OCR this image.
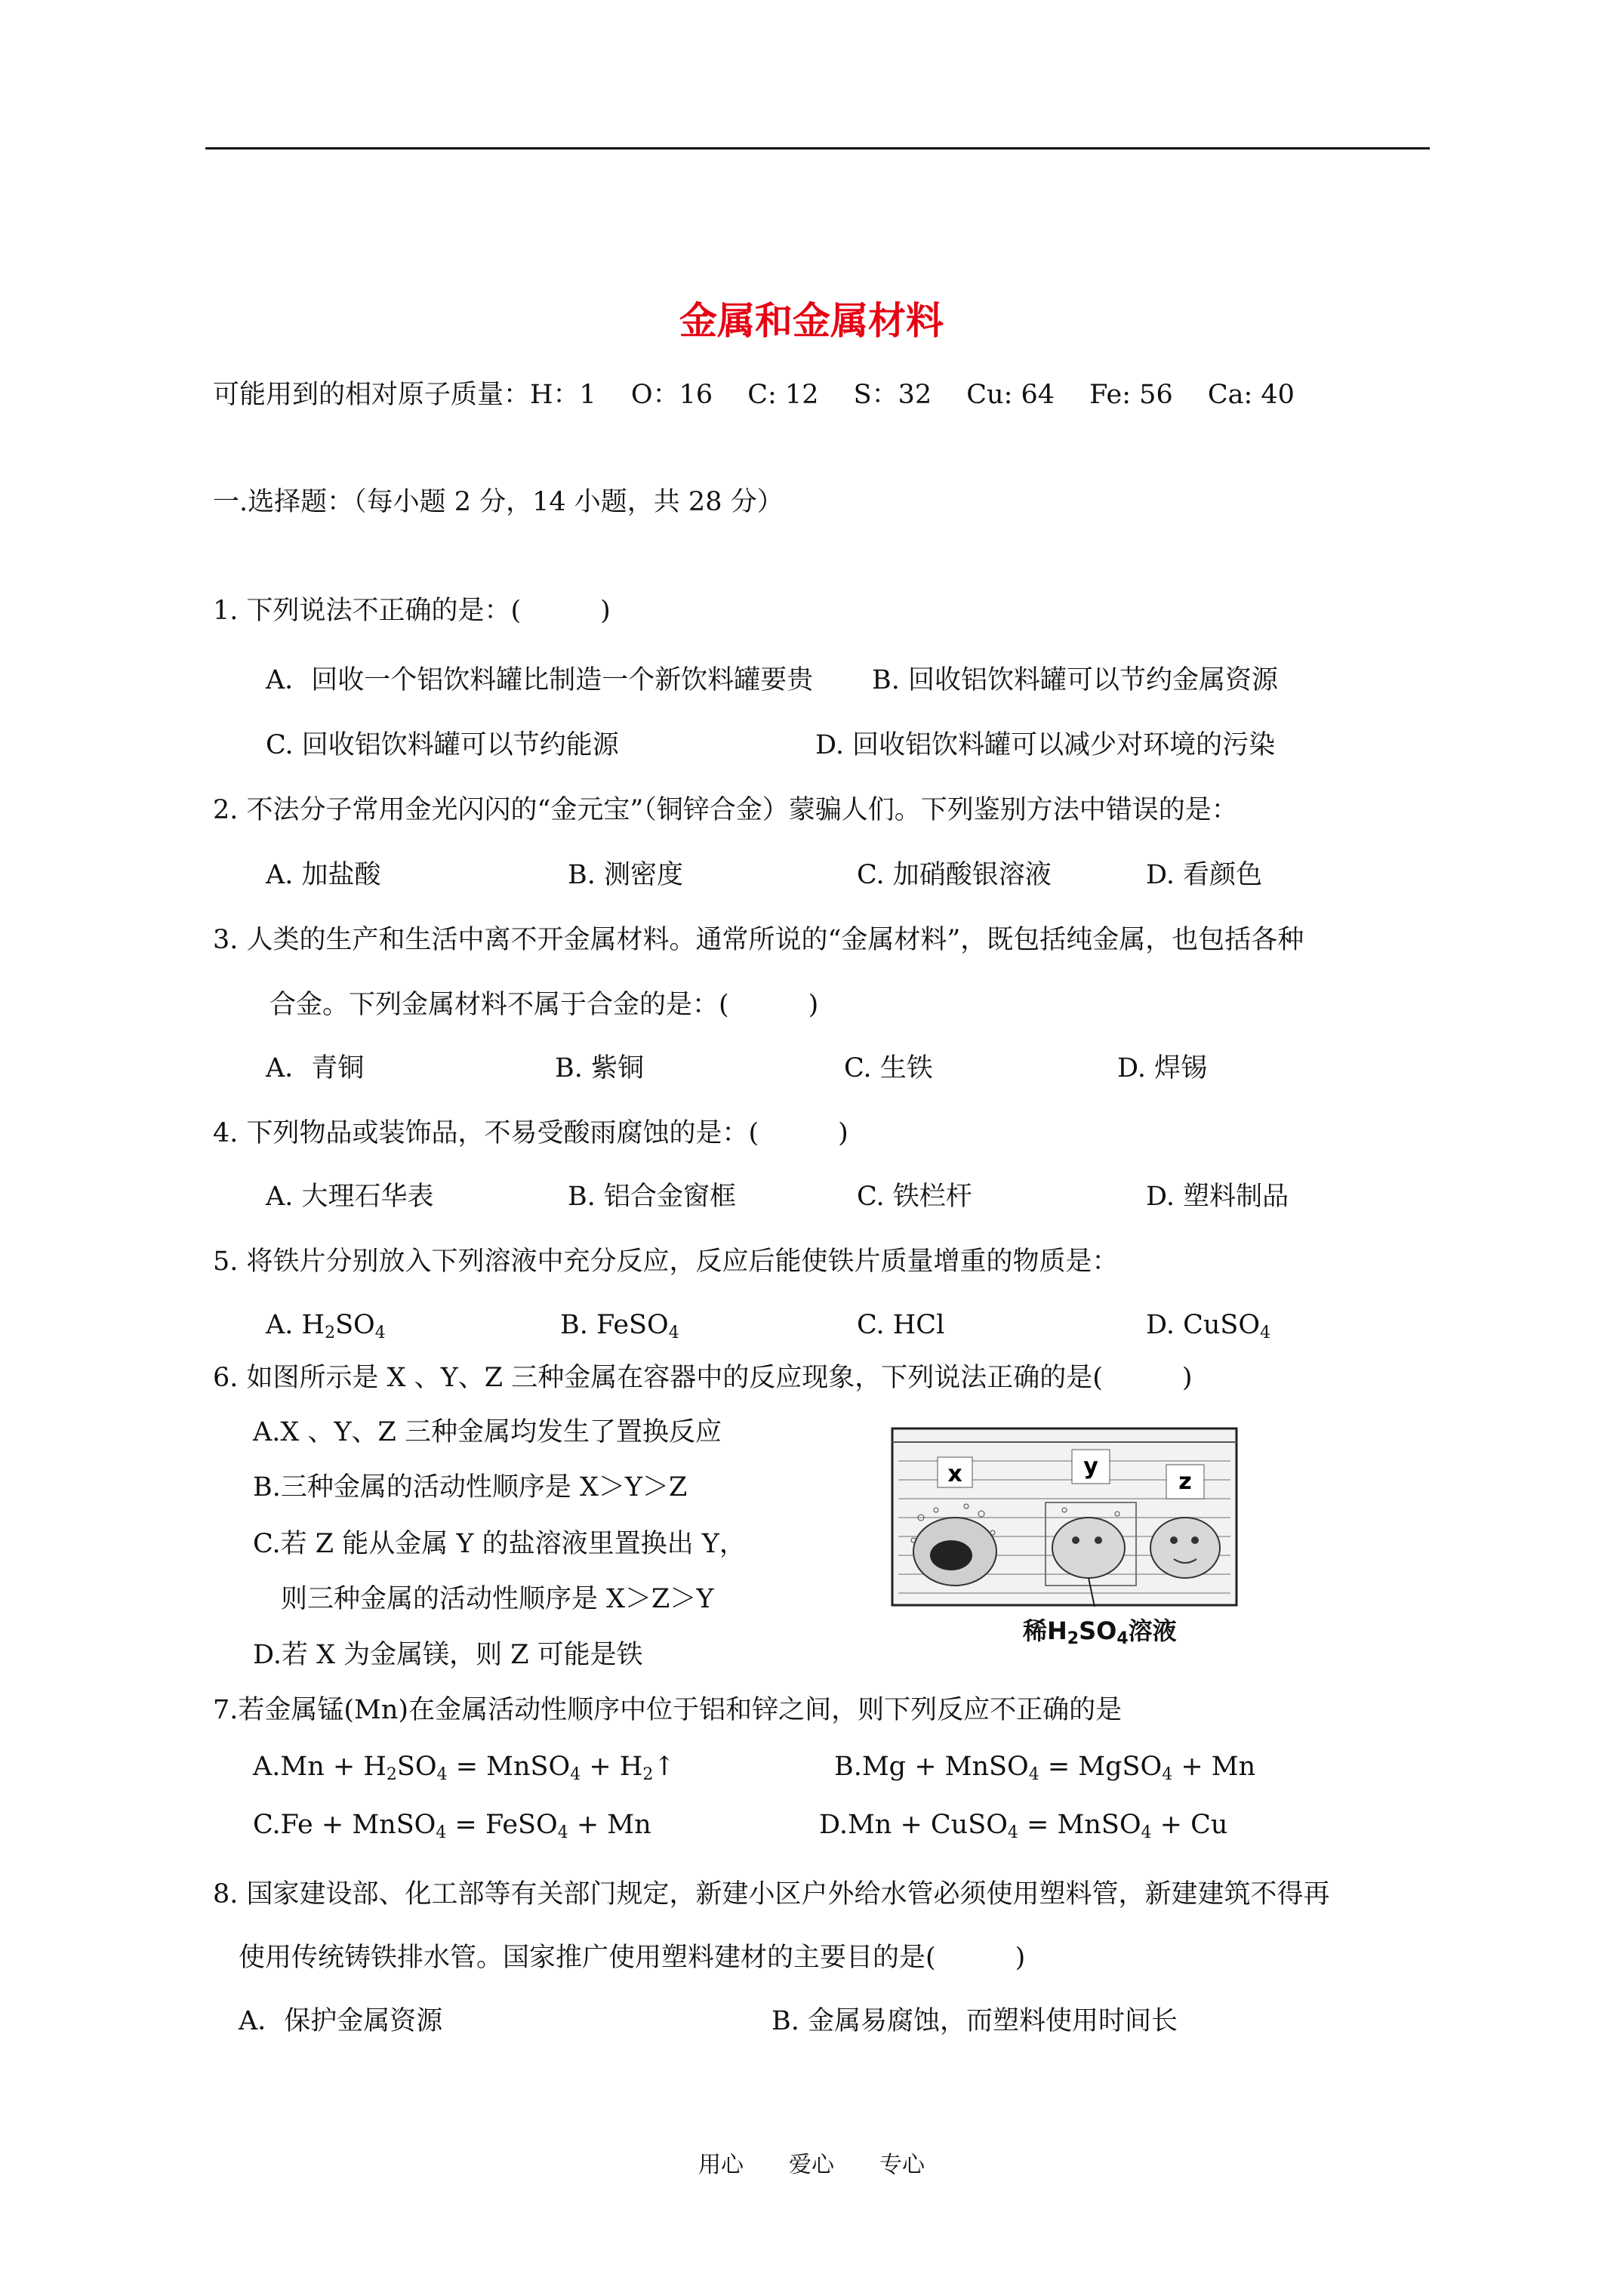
金属和金属材料
可能用到的相对原子质量：H：1　 O：16　 C: 12　 S：32　 Cu: 64　 Fe: 56　 Ca: 40
一.选择题：（每小题 2 分，14 小题，共 28 分）
1. 下列说法不正确的是：(　　　)
A．回收一个铝饮料罐比制造一个新饮料罐要贵 B. 回收铝饮料罐可以节约金属资源
C. 回收铝饮料罐可以节约能源	D. 回收铝饮料罐可以减少对环境的污染
2. 不法分子常用金光闪闪的“金元宝”（铜锌合金）蒙骗人们。下列鉴别方法中错误的是：
A. 加盐酸	B. 测密度	C. 加硝酸银溶液	D. 看颜色
3. 人类的生产和生活中离不开金属材料。通常所说的“金属材料”，既包括纯金属，也包括各种
合金。下列金属材料不属于合金的是：(　　　)
A．青铜	B. 紫铜	C. 生铁	D. 焊锡
4. 下列物品或装饰品，不易受酸雨腐蚀的是：(　　　)
A. 大理石华表	B. 铝合金窗框	C. 铁栏杆	D. 塑料制品
5. 将铁片分别放入下列溶液中充分反应，反应后能使铁片质量增重的物质是：
A. $H_2SO_4$	B. FeSO$_4$	C. HCl	D. CuSO$_4$
6. 如图所示是 X 、Y、Z 三种金属在容器中的反应现象，下列说法正确的是(　　　)
A.X 、Y、Z 三种金属均发生了置换反应
B.三种金属的活动性顺序是 X＞Y＞Z
C.若 Z 能从金属 Y 的盐溶液里置换出 Y，
则三种金属的活动性顺序是 X＞Z＞Y
D.若 X 为金属镁，则 Z 可能是铁
x	y
z
稀$H_2SO_4$溶液
7.若金属锰(Mn)在金属活动性顺序中位于铝和锌之间，则下列反应不正确的是
$A.Mn + H_2SO_4$ = MnSO$_4$ + $H_2↑$	B.Mg + MnSO$_4$ = MgSO$_4$ + Mn
C.Fe + MnSO$_4$ = FeSO$_4$ + Mn	D.Mn + CuSO$_4$ = MnSO$_4$ + Cu
8. 国家建设部、化工部等有关部门规定，新建小区户外给水管必须使用塑料管，新建建筑不得再
使用传统铸铁排水管。国家推广使用塑料建材的主要目的是(　　　)
A．保护金属资源	B. 金属易腐蚀，而塑料使用时间长
用心　　爱心　　专心
